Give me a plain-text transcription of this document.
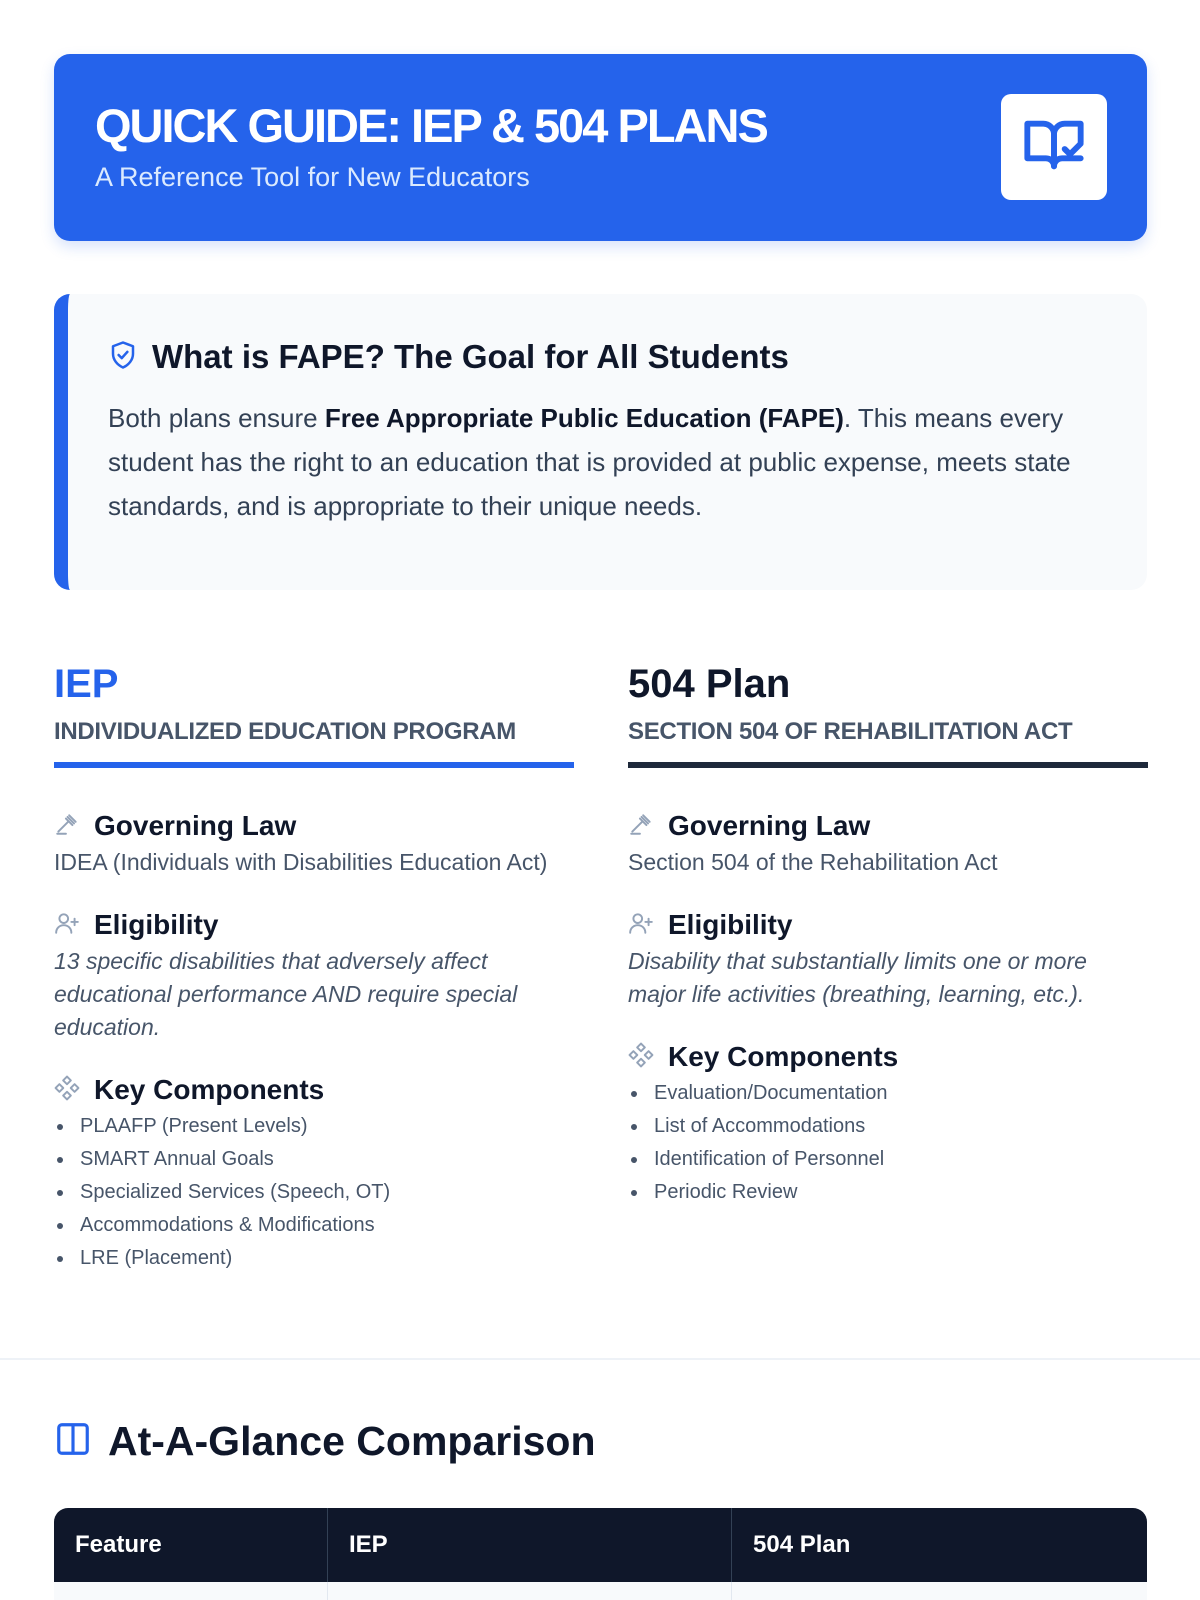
QUICK GUIDE: IEP & 504 PLANS
A Reference Tool for New Educators
What is FAPE? The Goal for All Students

Both plans ensure Free Appropriate Public Education (FAPE). This means every student has the right to an education that is provided at public expense, meets state standards, and is appropriate to their unique needs.

IEP
INDIVIDUALIZED EDUCATION PROGRAM
Governing Law
IDEA (Individuals with Disabilities Education Act)
Eligibility
13 specific disabilities that adversely affect educational performance AND require special education.
Key Components
PLAAFP (Present Levels)
SMART Annual Goals
Specialized Services (Speech, OT)
Accommodations & Modifications
LRE (Placement)
504 Plan
SECTION 504 OF REHABILITATION ACT
Governing Law
Section 504 of the Rehabilitation Act
Eligibility
Disability that substantially limits one or more major life activities (breathing, learning, etc.).
Key Components
Evaluation/Documentation
List of Accommodations
Identification of Personnel
Periodic Review
At-A-Glance Comparison
Feature	IEP	504 Plan
